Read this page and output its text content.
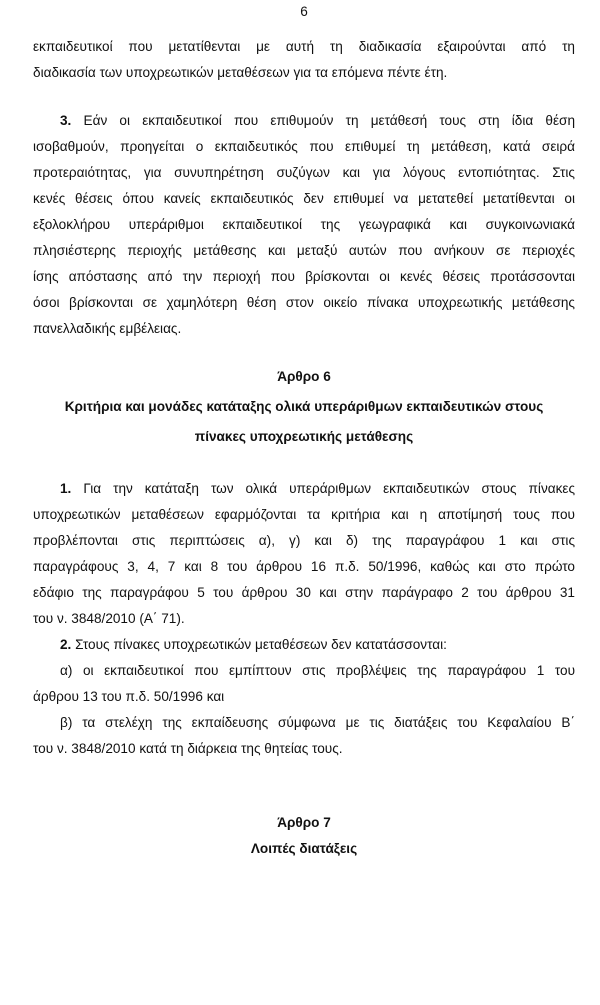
6
εκπαιδευτικοί που μετατίθενται με αυτή τη διαδικασία εξαιρούνται από τη
διαδικασία των υποχρεωτικών μεταθέσεων για τα επόμενα πέντε έτη.
3. Εάν οι εκπαιδευτικοί που επιθυμούν τη μετάθεσή τους στη ίδια θέση
ισοβαθμούν, προηγείται ο εκπαιδευτικός που επιθυμεί τη μετάθεση, κατά σειρά
προτεραιότητας, για συνυπηρέτηση συζύγων και για λόγους εντοπιότητας. Στις
κενές θέσεις όπου κανείς εκπαιδευτικός δεν επιθυμεί να μετατεθεί μετατίθενται οι
εξολοκλήρου υπεράριθμοι εκπαιδευτικοί της γεωγραφικά και συγκοινωνιακά
πλησιέστερης περιοχής μετάθεσης και μεταξύ αυτών που ανήκουν σε περιοχές
ίσης απόστασης από την περιοχή που βρίσκονται οι κενές θέσεις προτάσσονται
όσοι βρίσκονται σε χαμηλότερη θέση στον οικείο πίνακα υποχρεωτικής μετάθεσης
πανελλαδικής εμβέλειας.
Άρθρο 6
Κριτήρια και μονάδες κατάταξης ολικά υπεράριθμων εκπαιδευτικών στους
πίνακες υποχρεωτικής μετάθεσης
1. Για την κατάταξη των ολικά υπεράριθμων εκπαιδευτικών στους πίνακες
υποχρεωτικών μεταθέσεων εφαρμόζονται τα κριτήρια και η αποτίμησή τους που
προβλέπονται στις περιπτώσεις α), γ) και δ) της παραγράφου 1 και στις
παραγράφους 3, 4, 7 και 8 του άρθρου 16 π.δ. 50/1996, καθώς και στο πρώτο
εδάφιο της παραγράφου 5 του άρθρου 30 και στην παράγραφο 2 του άρθρου 31
του ν. 3848/2010 (Α΄ 71).
2. Στους πίνακες υποχρεωτικών μεταθέσεων δεν κατατάσσονται:
α) οι εκπαιδευτικοί που εμπίπτουν στις προβλέψεις της παραγράφου 1 του
άρθρου 13 του π.δ. 50/1996 και
β) τα στελέχη της εκπαίδευσης σύμφωνα με τις διατάξεις του Κεφαλαίου Β΄
του ν. 3848/2010 κατά τη διάρκεια της θητείας τους.
Άρθρο 7
Λοιπές διατάξεις
